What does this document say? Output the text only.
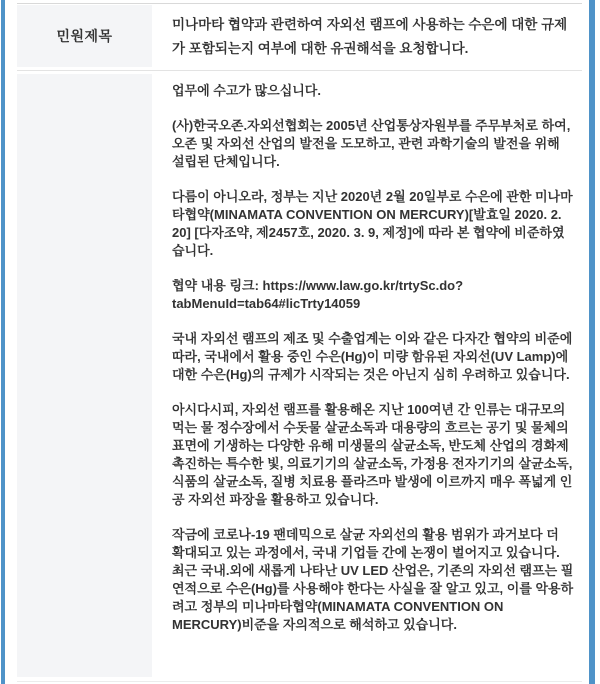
민원제목
미나마타 협약과 관련하여 자외선 램프에 사용하는 수은에 대한 규제가 포함되는지 여부에 대한 유권해석을 요청합니다.

업무에 수고가 많으십니다.

(사)한국오존.자외선협회는 2005년 산업통상자원부를 주무부처로 하여, 오존 및 자외선 산업의 발전을 도모하고, 관련 과학기술의 발전을 위해 설립된 단체입니다.

다름이 아니오라, 정부는 지난 2020년 2월 20일부로 수은에 관한 미나마타협약(MINAMATA CONVENTION ON MERCURY)[발효일 2020. 2. 20] [다자조약, 제2457호, 2020. 3. 9, 제정]에 따라 본 협약에 비준하였습니다.

협약 내용 링크: https://www.law.go.kr/trtySc.do?tabMenuId=tab64#licTrty14059

국내 자외선 램프의 제조 및 수출업계는 이와 같은 다자간 협약의 비준에 따라, 국내에서 활용 중인 수은(Hg)이 미량 함유된 자외선(UV Lamp)에 대한 수은(Hg)의 규제가 시작되는 것은 아닌지 심히 우려하고 있습니다.

아시다시피, 자외선 램프를 활용해온 지난 100여년 간 인류는 대규모의 먹는 물 정수장에서 수돗물 살균소독과 대용량의 흐르는 공기 및 물체의 표면에 기생하는 다양한 유해 미생물의 살균소독, 반도체 산업의 경화제 촉진하는 특수한 빛, 의료기기의 살균소독, 가정용 전자기기의 살균소독, 식품의 살균소독, 질병 치료용 플라즈마 발생에 이르까지 매우 폭넓게 인공 자외선 파장을 활용하고 있습니다.

작금에 코로나-19 팬데믹으로 살균 자외선의 활용 범위가 과거보다 더 확대되고 있는 과정에서, 국내 기업들 간에 논쟁이 벌어지고 있습니다. 최근 국내.외에 새롭게 나타난 UV LED 산업은, 기존의 자외선 램프는 필연적으로 수은(Hg)를 사용해야 한다는 사실을 잘 알고 있고, 이를 악용하려고 정부의 미나마타협약(MINAMATA CONVENTION ON MERCURY)비준을 자의적으로 해석하고 있습니다.
